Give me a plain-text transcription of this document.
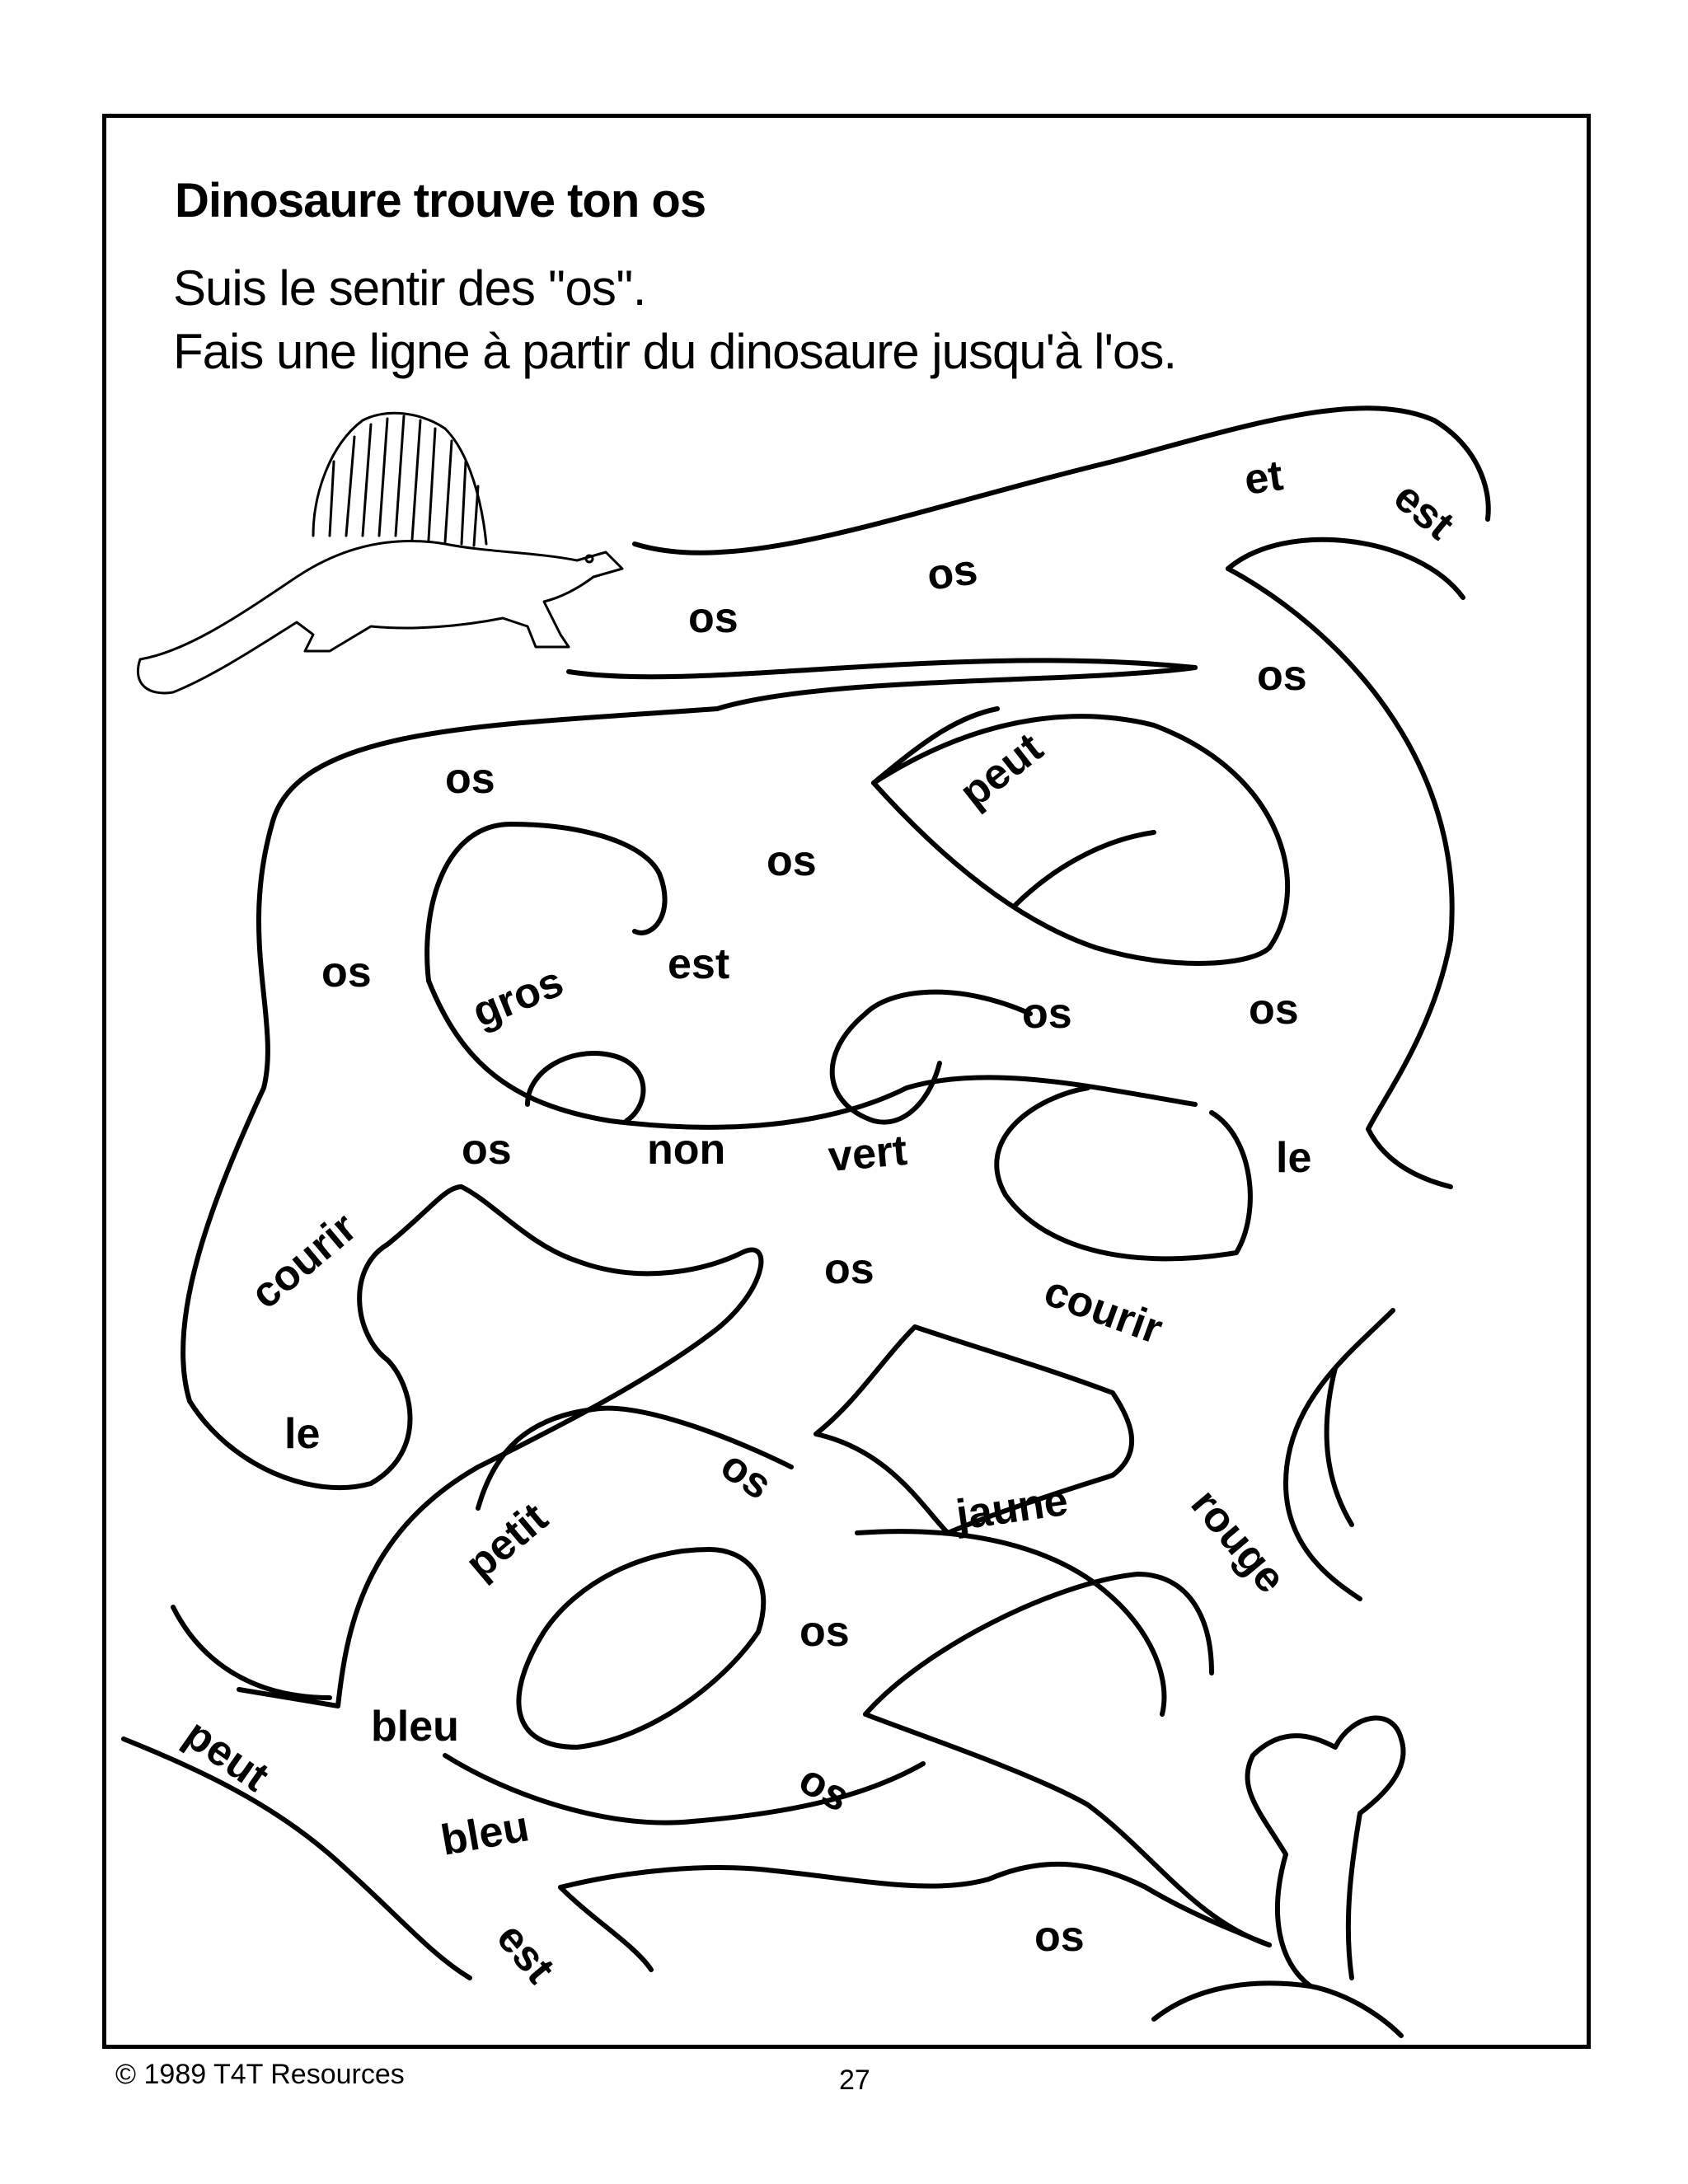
Dinosaure trouve ton os
Suis le sentir des ''os''.
Fais une ligne à partir du dinosaure jusqu'à l'os.
et est
os
os
os
peut
os
os
os gros est
os	os
os	non vert	le
courir	os	courir
le
os
petit	jaune	rouge
os
bleu
peut	os
bleu
os
est
© 1989 T4T Resources	27
